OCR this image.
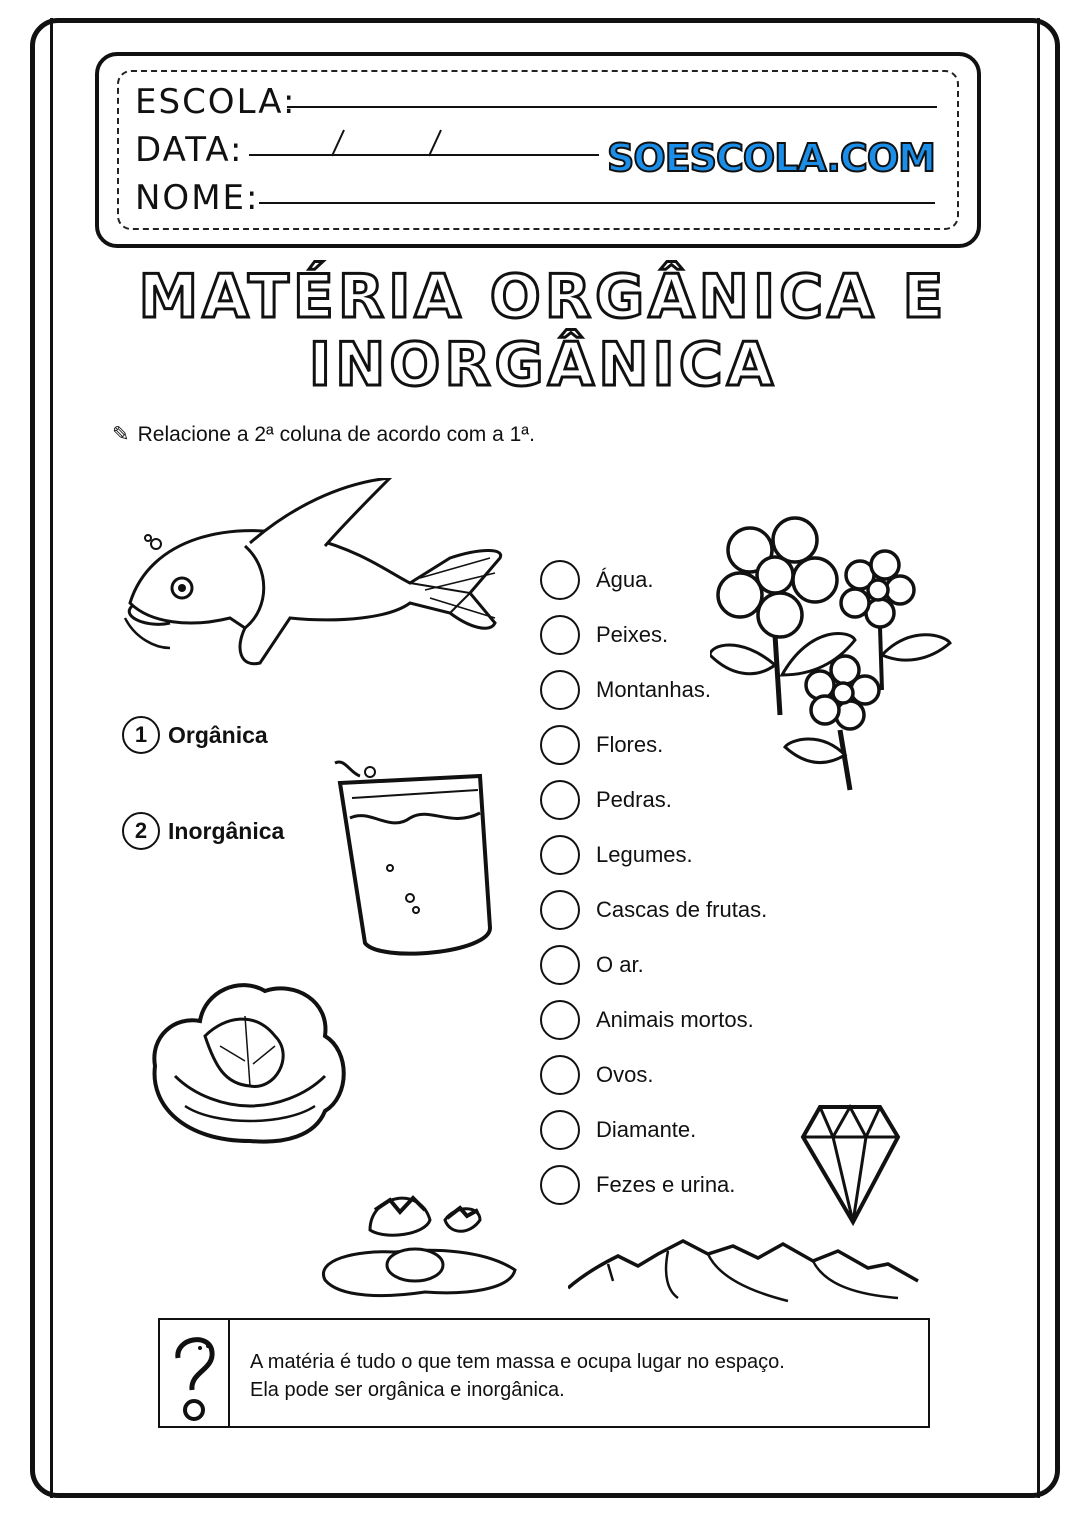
ESCOLA:
DATA:
NOME:
SOESCOLA.COM
MATÉRIA ORGÂNICA E
INORGÂNICA
✎ Relacione a 2ª coluna de acordo com a 1ª.
1 Orgânica
2 Inorgânica
Água.
Peixes.
Montanhas.
Flores.
Pedras.
Legumes.
Cascas de frutas.
O ar.
Animais mortos.
Ovos.
Diamante.
Fezes e urina.
A matéria é tudo o que tem massa e ocupa lugar no espaço.
Ela pode ser orgânica e inorgânica.
